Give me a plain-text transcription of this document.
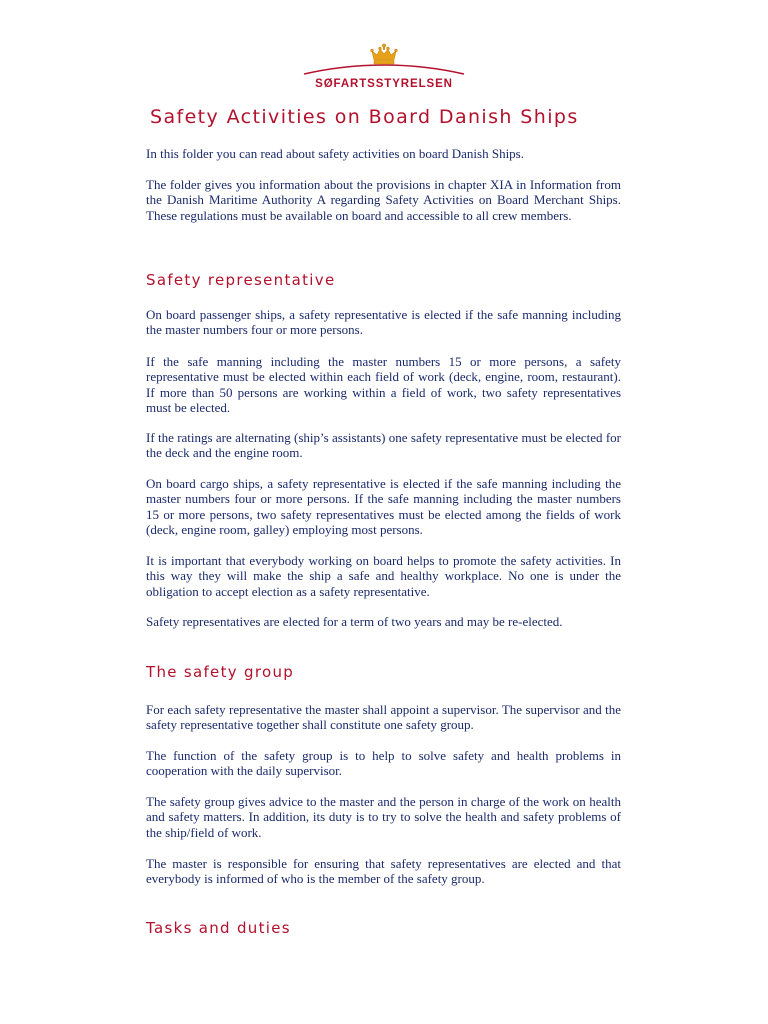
SØFARTSSTYRELSEN
Safety Activities on Board Danish Ships

In this folder you can read about safety activities on board Danish Ships.

The folder gives you information about the provisions in chapter XIA in Information from the Danish Maritime Authority A regarding Safety Activities on Board Merchant Ships. These regulations must be available on board and accessible to all crew members.

Safety representative

On board passenger ships, a safety representative is elected if the safe manning including the master numbers four or more persons.

If the safe manning including the master numbers 15 or more persons, a safety representative must be elected within each field of work (deck, engine, room, restaurant). If more than 50 persons are working within a field of work, two safety representatives must be elected.

If the ratings are alternating (ship’s assistants) one safety representative must be elected for the deck and the engine room.

On board cargo ships, a safety representative is elected if the safe manning including the master numbers four or more persons. If the safe manning including the master numbers 15 or more persons, two safety representatives must be elected among the fields of work (deck, engine room, galley) employing most persons.

It is important that everybody working on board helps to promote the safety activities. In this way they will make the ship a safe and healthy workplace. No one is under the obligation to accept election as a safety representative.

Safety representatives are elected for a term of two years and may be re-elected.

The safety group

For each safety representative the master shall appoint a supervisor. The supervisor and the safety representative together shall constitute one safety group.

The function of the safety group is to help to solve safety and health problems in cooperation with the daily supervisor.

The safety group gives advice to the master and the person in charge of the work on health and safety matters. In addition, its duty is to try to solve the health and safety problems of the ship/field of work.

The master is responsible for ensuring that safety representatives are elected and that everybody is informed of who is the member of the safety group.

Tasks and duties
